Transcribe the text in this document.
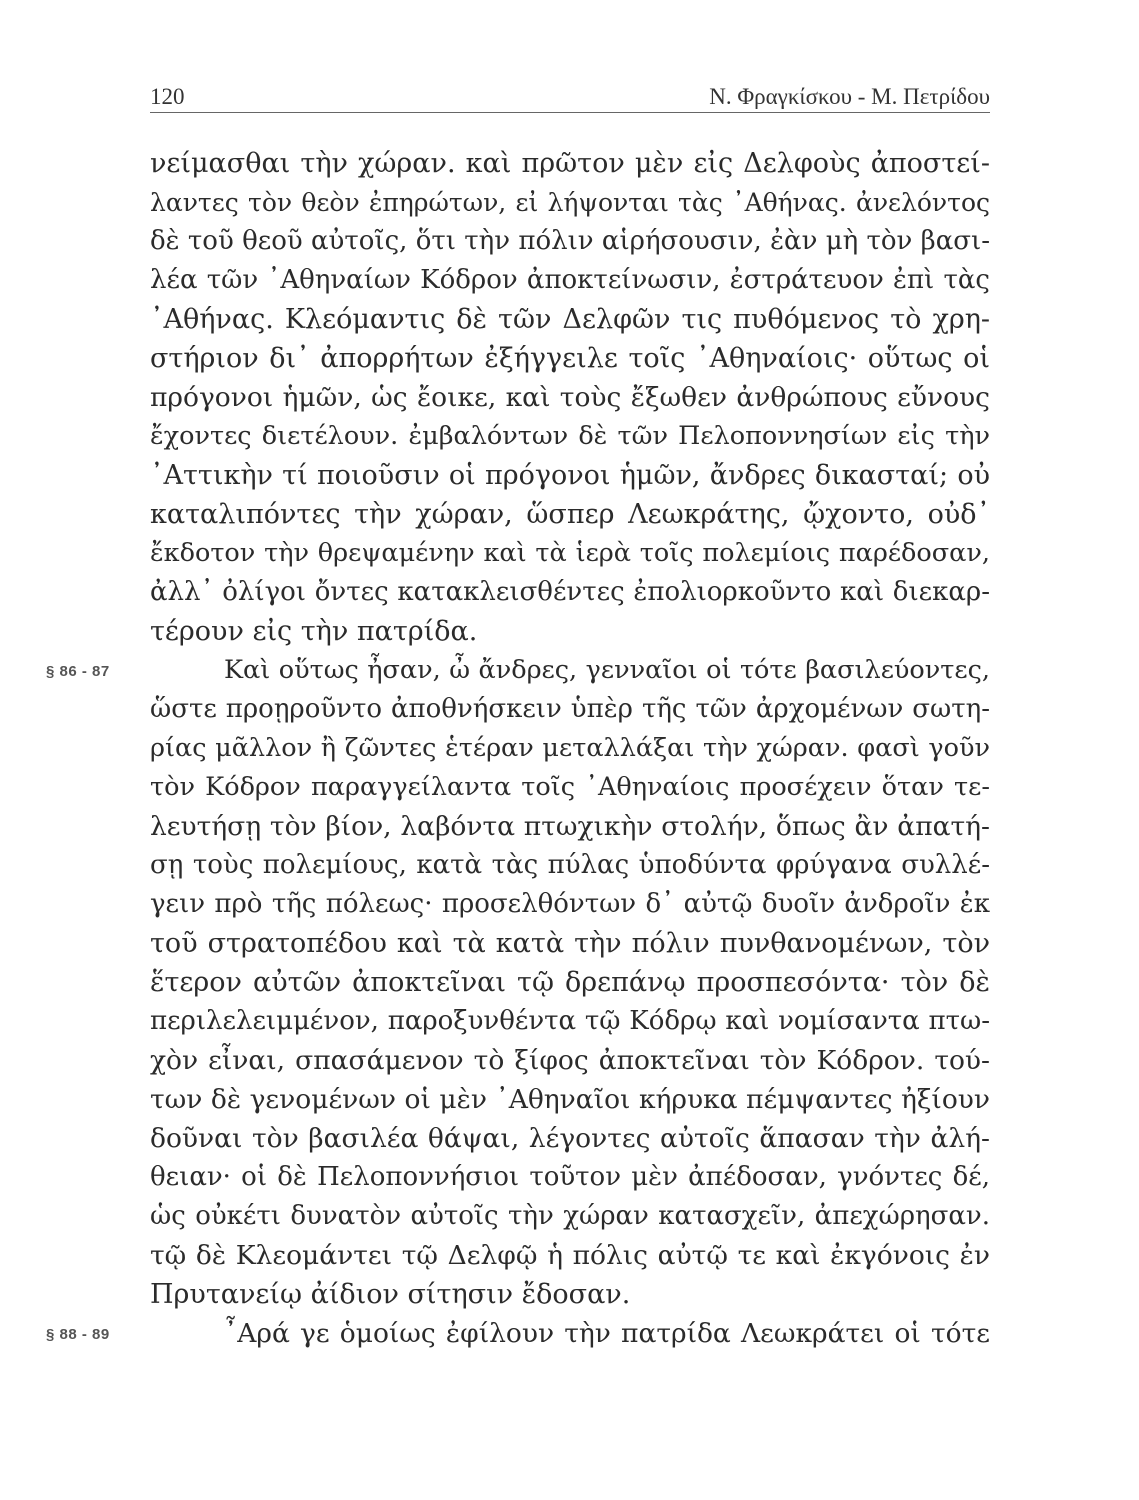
120	Ν. Φραγκίσκου - Μ. Πετρίδου
νείμασθαι τὴν χώραν. καὶ πρῶτον μὲν εἰς Δελφοὺς ἀποστεί-
λαντες τὸν θεὸν ἐπηρώτων, εἰ λήψονται τὰς ᾿Αθήνας. ἀνελόντος
δὲ τοῦ θεοῦ αὐτοῖς, ὅτι τὴν πόλιν αἱρήσουσιν, ἐὰν μὴ τὸν βασι-
λέα τῶν ᾿Αθηναίων Κόδρον ἀποκτείνωσιν, ἐστράτευον ἐπὶ τὰς
᾿Αθήνας. Κλεόμαντις δὲ τῶν Δελφῶν τις πυθόμενος τὸ χρη-
στήριον δι᾿ ἀπορρήτων ἐξήγγειλε τοῖς ᾿Αθηναίοις· οὕτως οἱ
πρόγονοι ἡμῶν, ὡς ἔοικε, καὶ τοὺς ἔξωθεν ἀνθρώπους εὔνους
ἔχοντες διετέλουν. ἐμβαλόντων δὲ τῶν Πελοποννησίων εἰς τὴν
᾿Αττικὴν τί ποιοῦσιν οἱ πρόγονοι ἡμῶν, ἄνδρες δικασταί; οὐ
καταλιπόντες τὴν χώραν, ὥσπερ Λεωκράτης, ᾤχοντο, οὐδ᾿
ἔκδοτον τὴν θρεψαμένην καὶ τὰ ἱερὰ τοῖς πολεμίοις παρέδοσαν,
ἀλλ᾿ ὀλίγοι ὄντες κατακλεισθέντες ἐπολιορκοῦντο καὶ διεκαρ-
τέρουν εἰς τὴν πατρίδα.
§ 86 - 87	Καὶ οὕτως ἦσαν, ὦ ἄνδρες, γενναῖοι οἱ τότε βασιλεύοντες,
ὥστε προῃροῦντο ἀποθνήσκειν ὑπὲρ τῆς τῶν ἀρχομένων σωτη-
ρίας μᾶλλον ἢ ζῶντες ἑτέραν μεταλλάξαι τὴν χώραν. φασὶ γοῦν
τὸν Κόδρον παραγγείλαντα τοῖς ᾿Αθηναίοις προσέχειν ὅταν τε-
λευτήσῃ τὸν βίον, λαβόντα πτωχικὴν στολήν, ὅπως ἂν ἀπατή-
σῃ τοὺς πολεμίους, κατὰ τὰς πύλας ὑποδύντα φρύγανα συλλέ-
γειν πρὸ τῆς πόλεως· προσελθόντων δ᾿ αὐτῷ δυοῖν ἀνδροῖν ἐκ
τοῦ στρατοπέδου καὶ τὰ κατὰ τὴν πόλιν πυνθανομένων, τὸν
ἕτερον αὐτῶν ἀποκτεῖναι τῷ δρεπάνῳ προσπεσόντα· τὸν δὲ
περιλελειμμένον, παροξυνθέντα τῷ Κόδρῳ καὶ νομίσαντα πτω-
χὸν εἶναι, σπασάμενον τὸ ξίφος ἀποκτεῖναι τὸν Κόδρον. τού-
των δὲ γενομένων οἱ μὲν ᾿Αθηναῖοι κήρυκα πέμψαντες ἠξίουν
δοῦναι τὸν βασιλέα θάψαι, λέγοντες αὐτοῖς ἅπασαν τὴν ἀλή-
θειαν· οἱ δὲ Πελοποννήσιοι τοῦτον μὲν ἀπέδοσαν, γνόντες δέ,
ὡς οὐκέτι δυνατὸν αὐτοῖς τὴν χώραν κατασχεῖν, ἀπεχώρησαν.
τῷ δὲ Κλεομάντει τῷ Δελφῷ ἡ πόλις αὐτῷ τε καὶ ἐκγόνοις ἐν
Πρυτανείῳ ἀίδιον σίτησιν ἔδοσαν.
§ 88 - 89	῏Αρά γε ὁμοίως ἐφίλουν τὴν πατρίδα Λεωκράτει οἱ τότε
